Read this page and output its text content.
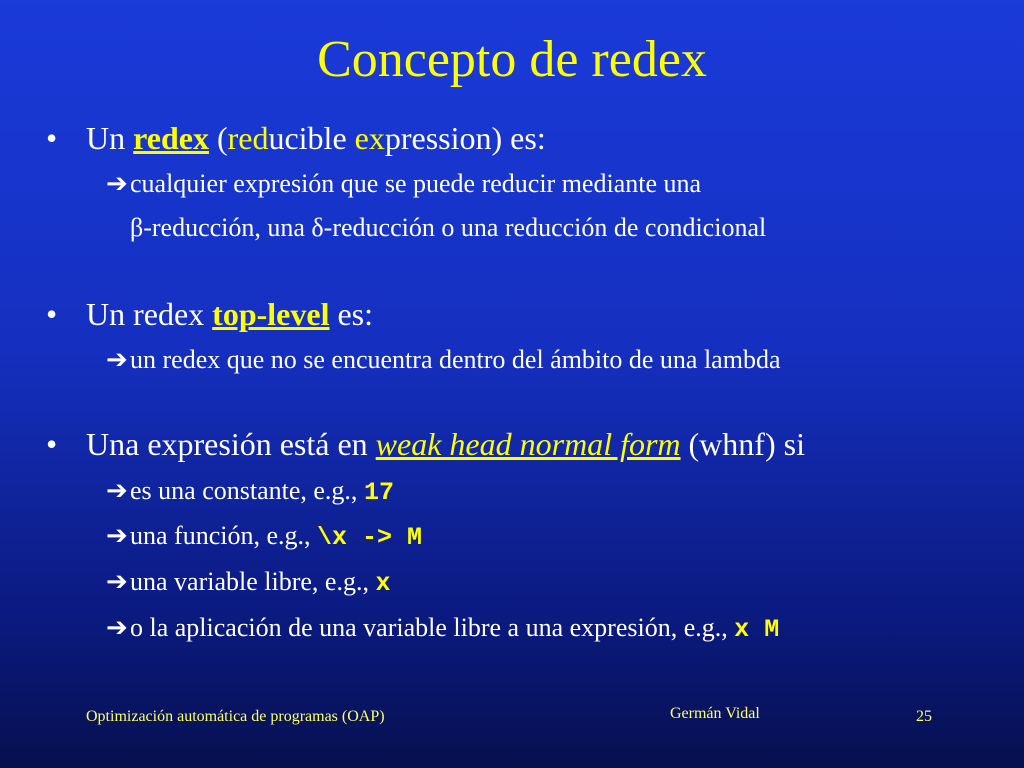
Concepto de redex
• Un redex (reducible expression) es:
➔cualquier expresión que se puede reducir mediante una
β-reducción, una δ-reducción o una reducción de condicional
• Un redex top-level es:
➔un redex que no se encuentra dentro del ámbito de una lambda
• Una expresión está en weak head normal form (whnf) si
➔es una constante, e.g., 17
➔una función, e.g., \x -> M
➔una variable libre, e.g., x
➔o la aplicación de una variable libre a una expresión, e.g., x M
Optimización automática de programas (OAP)	Germán Vidal	25
